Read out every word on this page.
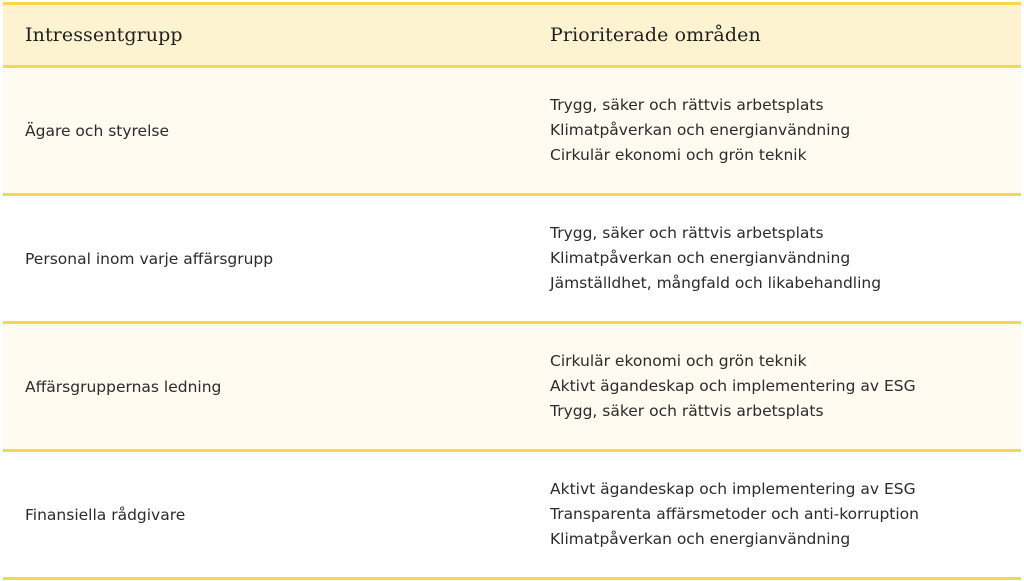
Intressentgrupp	Prioriterade områden
Ägare och styrelse
Trygg, säker och rättvis arbetsplats
Klimatpåverkan och energianvändning
Cirkulär ekonomi och grön teknik
Personal inom varje affärsgrupp
Trygg, säker och rättvis arbetsplats
Klimatpåverkan och energianvändning
Jämställdhet, mångfald och likabehandling
Affärsgruppernas ledning
Cirkulär ekonomi och grön teknik
Aktivt ägandeskap och implementering av ESG
Trygg, säker och rättvis arbetsplats
Finansiella rådgivare
Aktivt ägandeskap och implementering av ESG
Transparenta affärsmetoder och anti-korruption
Klimatpåverkan och energianvändning
